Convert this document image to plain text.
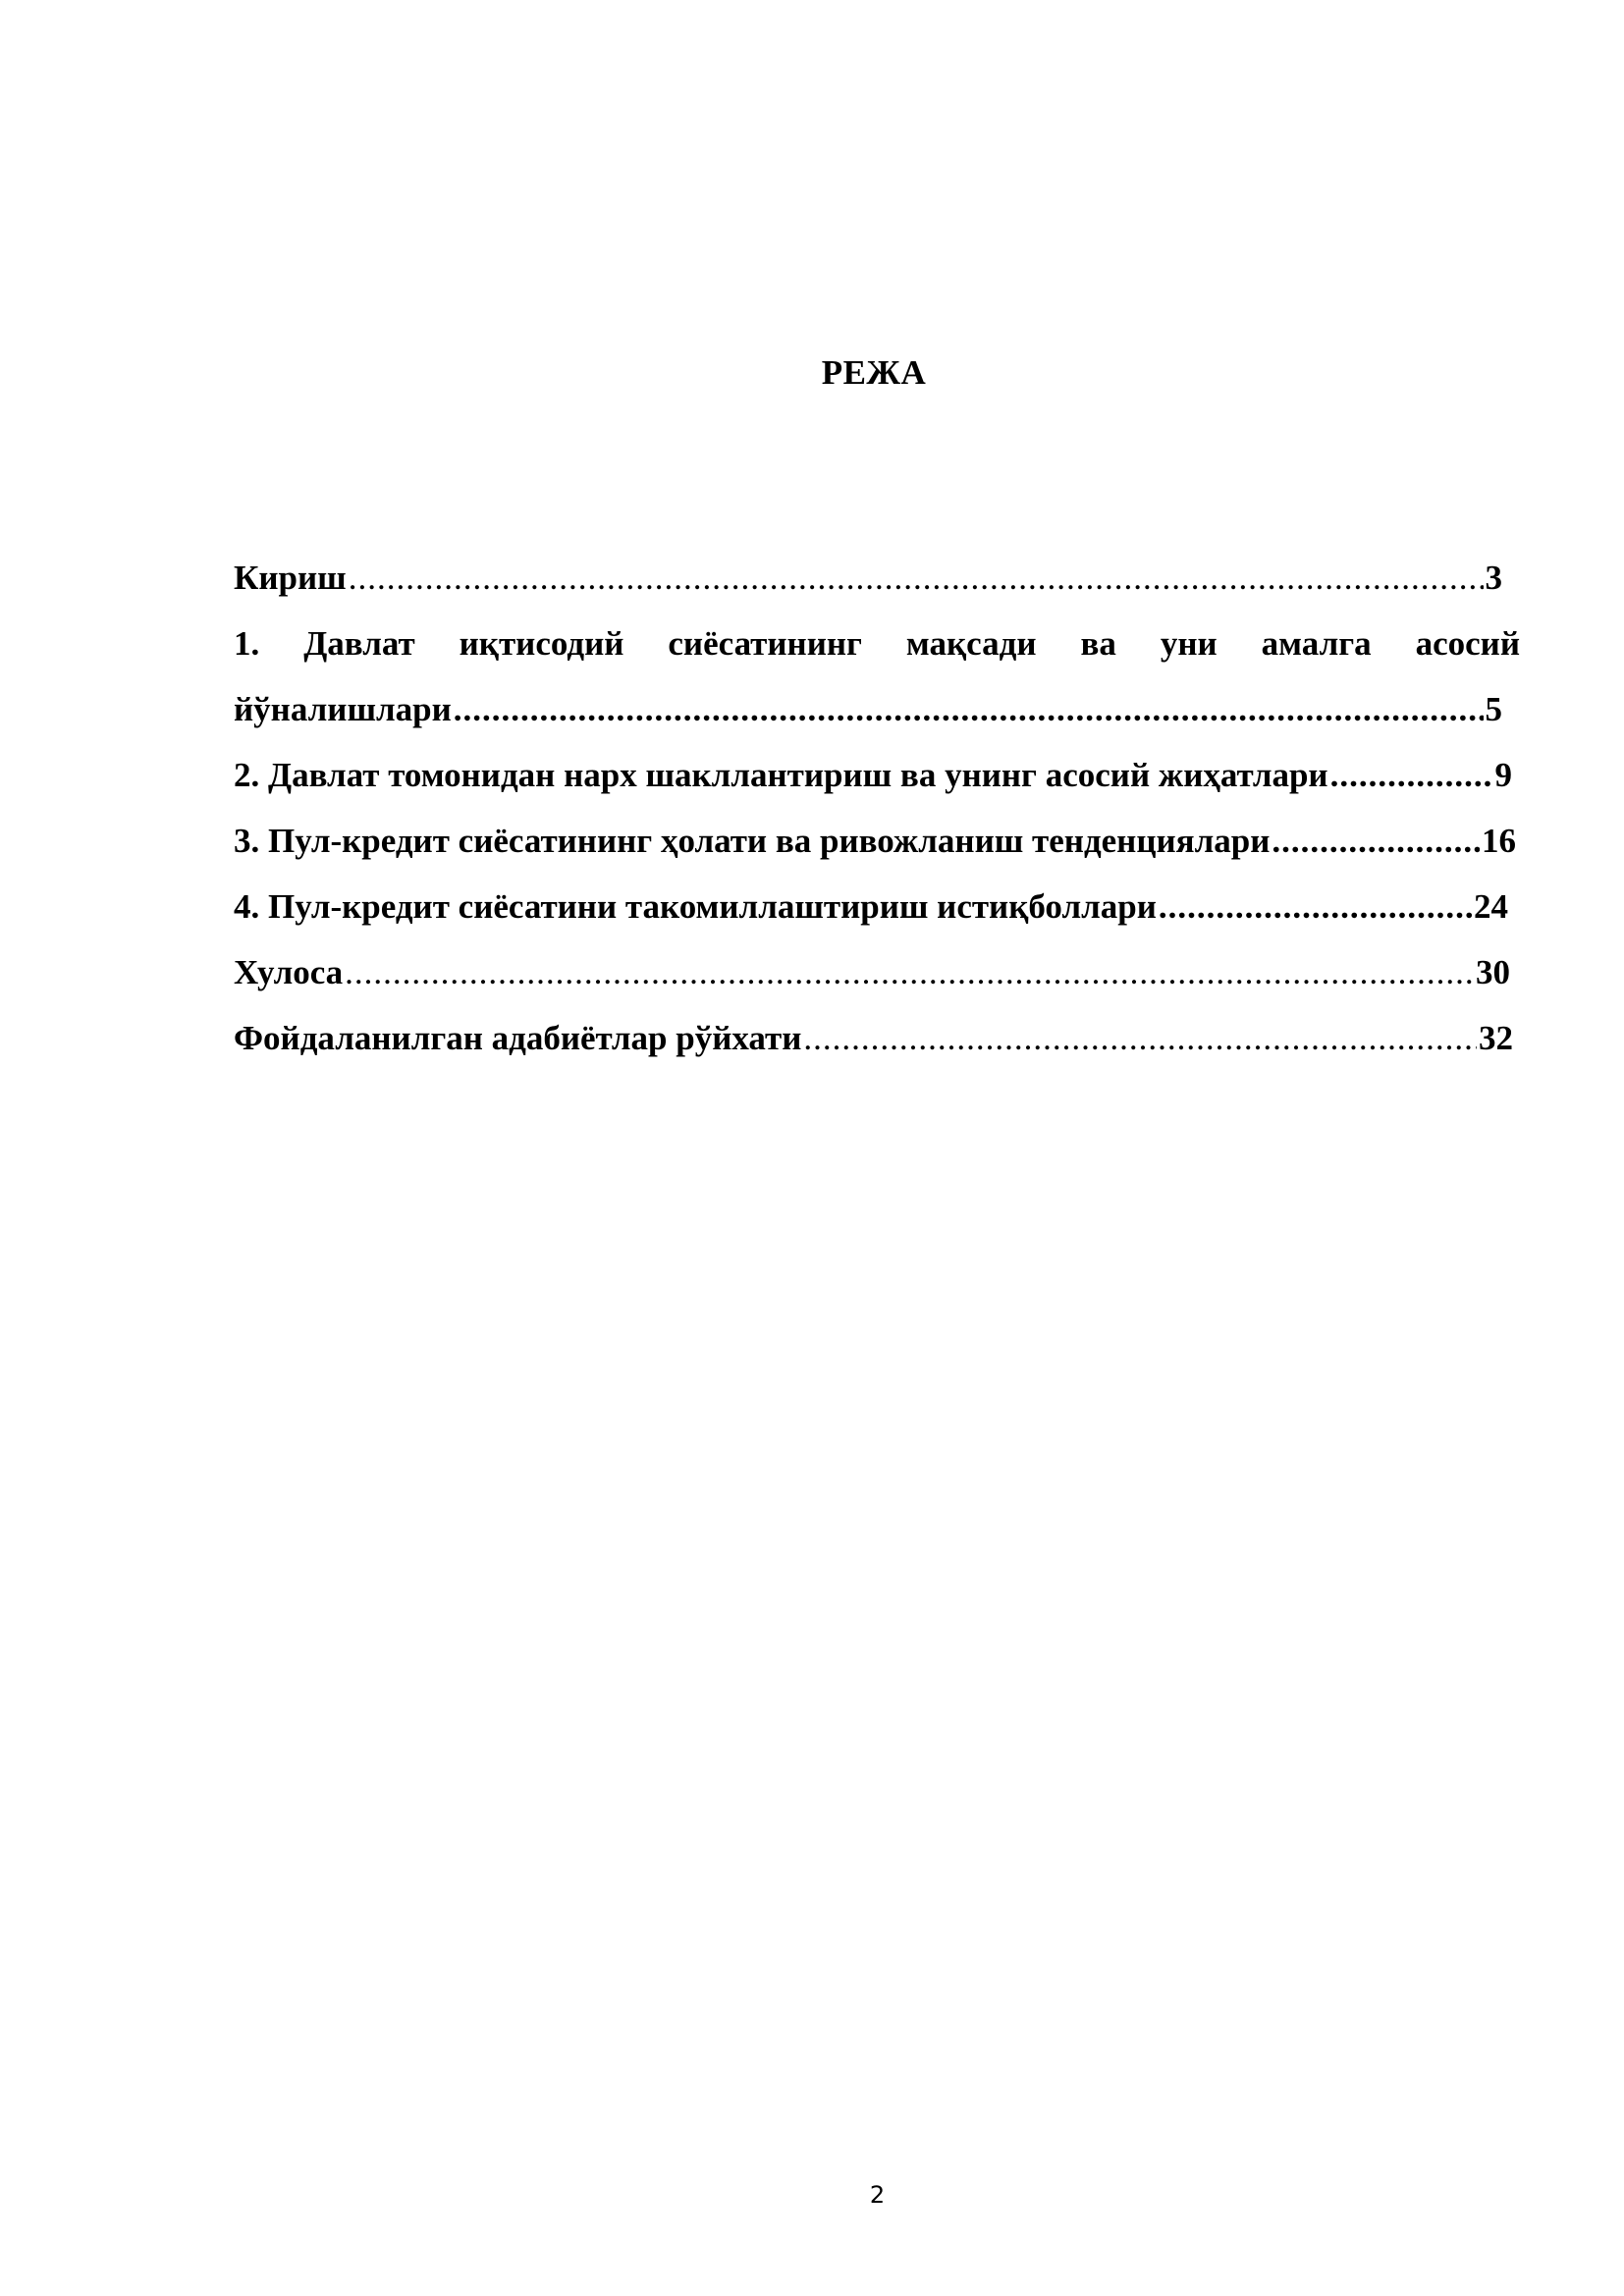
РЕЖА
Кириш .....	3
1. Давлат иқтисодий сиёсатининг мақсади ва уни амалга асосий
йўналишлари .....	5
2. Давлат томонидан нарх шакллантириш ва унинг асосий жиҳатлари .....	9
3. Пул-кредит сиёсатининг ҳолати ва ривожланиш тенденциялари .....	16
4. Пул-кредит сиёсатини такомиллаштириш истиқболлари .....	24
Хулоса .....	30
Фойдаланилган адабиётлар рўйхати .....	32
2
